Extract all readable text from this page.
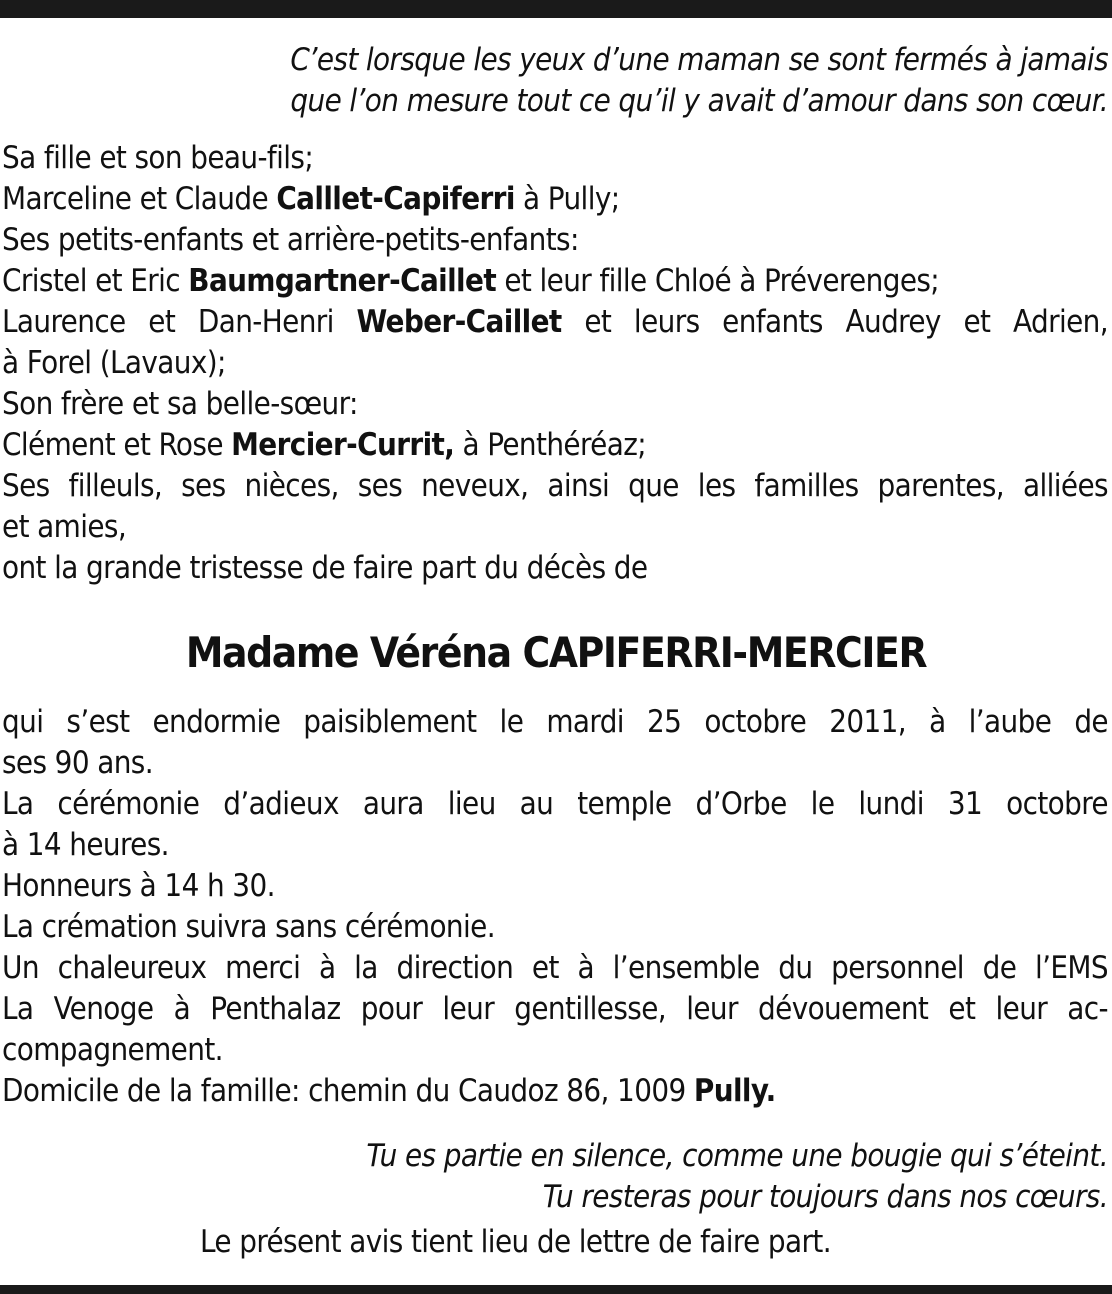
C’est lorsque les yeux d’une maman se sont fermés à jamais
que l’on mesure tout ce qu’il y avait d’amour dans son cœur.
Sa fille et son beau-fils;
Marceline et Claude Calllet-Capiferri à Pully;
Ses petits-enfants et arrière-petits-enfants:
Cristel et Eric Baumgartner-Caillet et leur fille Chloé à Préverenges;
Laurence et Dan-Henri Weber-Caillet et leurs enfants Audrey et Adrien,
à Forel (Lavaux);
Son frère et sa belle-sœur:
Clément et Rose Mercier-Currit, à Penthéréaz;
Ses filleuls, ses nièces, ses neveux, ainsi que les familles parentes, alliées
et amies,
ont la grande tristesse de faire part du décès de
Madame Véréna CAPIFERRI-MERCIER
qui s’est endormie paisiblement le mardi 25 octobre 2011, à l’aube de
ses 90 ans.
La cérémonie d’adieux aura lieu au temple d’Orbe le lundi 31 octobre
à 14 heures.
Honneurs à 14 h 30.
La crémation suivra sans cérémonie.
Un chaleureux merci à la direction et à l’ensemble du personnel de l’EMS
La Venoge à Penthalaz pour leur gentillesse, leur dévouement et leur ac-
compagnement.
Domicile de la famille: chemin du Caudoz 86, 1009 Pully.
Tu es partie en silence, comme une bougie qui s’éteint.
Tu resteras pour toujours dans nos cœurs.
Le présent avis tient lieu de lettre de faire part.
